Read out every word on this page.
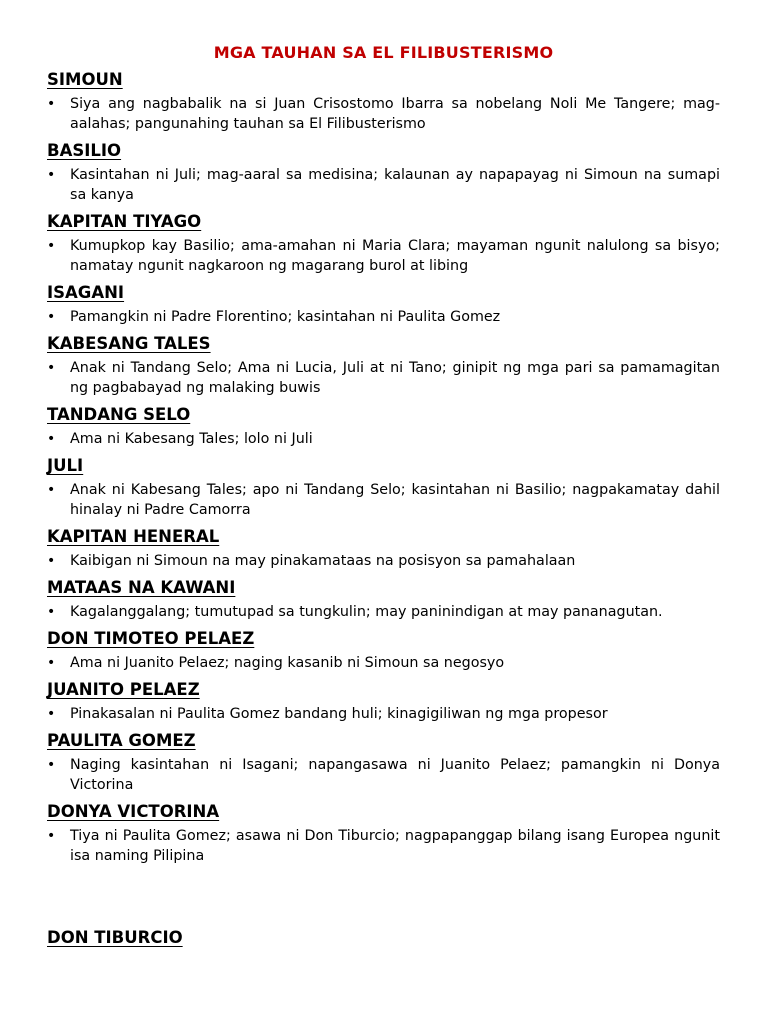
MGA TAUHAN SA EL FILIBUSTERISMO
SIMOUN
• Siya ang nagbabalik na si Juan Crisostomo Ibarra sa nobelang Noli Me Tangere; mag-aalahas; pangunahing tauhan sa El Filibusterismo
BASILIO
• Kasintahan ni Juli; mag-aaral sa medisina; kalaunan ay napapayag ni Simoun na sumapi sa kanya
KAPITAN TIYAGO
• Kumupkop kay Basilio; ama-amahan ni Maria Clara; mayaman ngunit nalulong sa bisyo; namatay ngunit nagkaroon ng magarang burol at libing
ISAGANI
• Pamangkin ni Padre Florentino; kasintahan ni Paulita Gomez
KABESANG TALES
• Anak ni Tandang Selo; Ama ni Lucia, Juli at ni Tano; ginipit ng mga pari sa pamamagitan ng pagbabayad ng malaking buwis
TANDANG SELO
• Ama ni Kabesang Tales; lolo ni Juli
JULI
• Anak ni Kabesang Tales; apo ni Tandang Selo; kasintahan ni Basilio; nagpakamatay dahil hinalay ni Padre Camorra
KAPITAN HENERAL
• Kaibigan ni Simoun na may pinakamataas na posisyon sa pamahalaan
MATAAS NA KAWANI
• Kagalanggalang; tumutupad sa tungkulin; may paninindigan at may pananagutan.
DON TIMOTEO PELAEZ
• Ama ni Juanito Pelaez; naging kasanib ni Simoun sa negosyo
JUANITO PELAEZ
• Pinakasalan ni Paulita Gomez bandang huli; kinagigiliwan ng mga propesor
PAULITA GOMEZ
• Naging kasintahan ni Isagani; napangasawa ni Juanito Pelaez; pamangkin ni Donya Victorina
DONYA VICTORINA
• Tiya ni Paulita Gomez; asawa ni Don Tiburcio; nagpapanggap bilang isang Europea ngunit isa naming Pilipina
DON TIBURCIO
